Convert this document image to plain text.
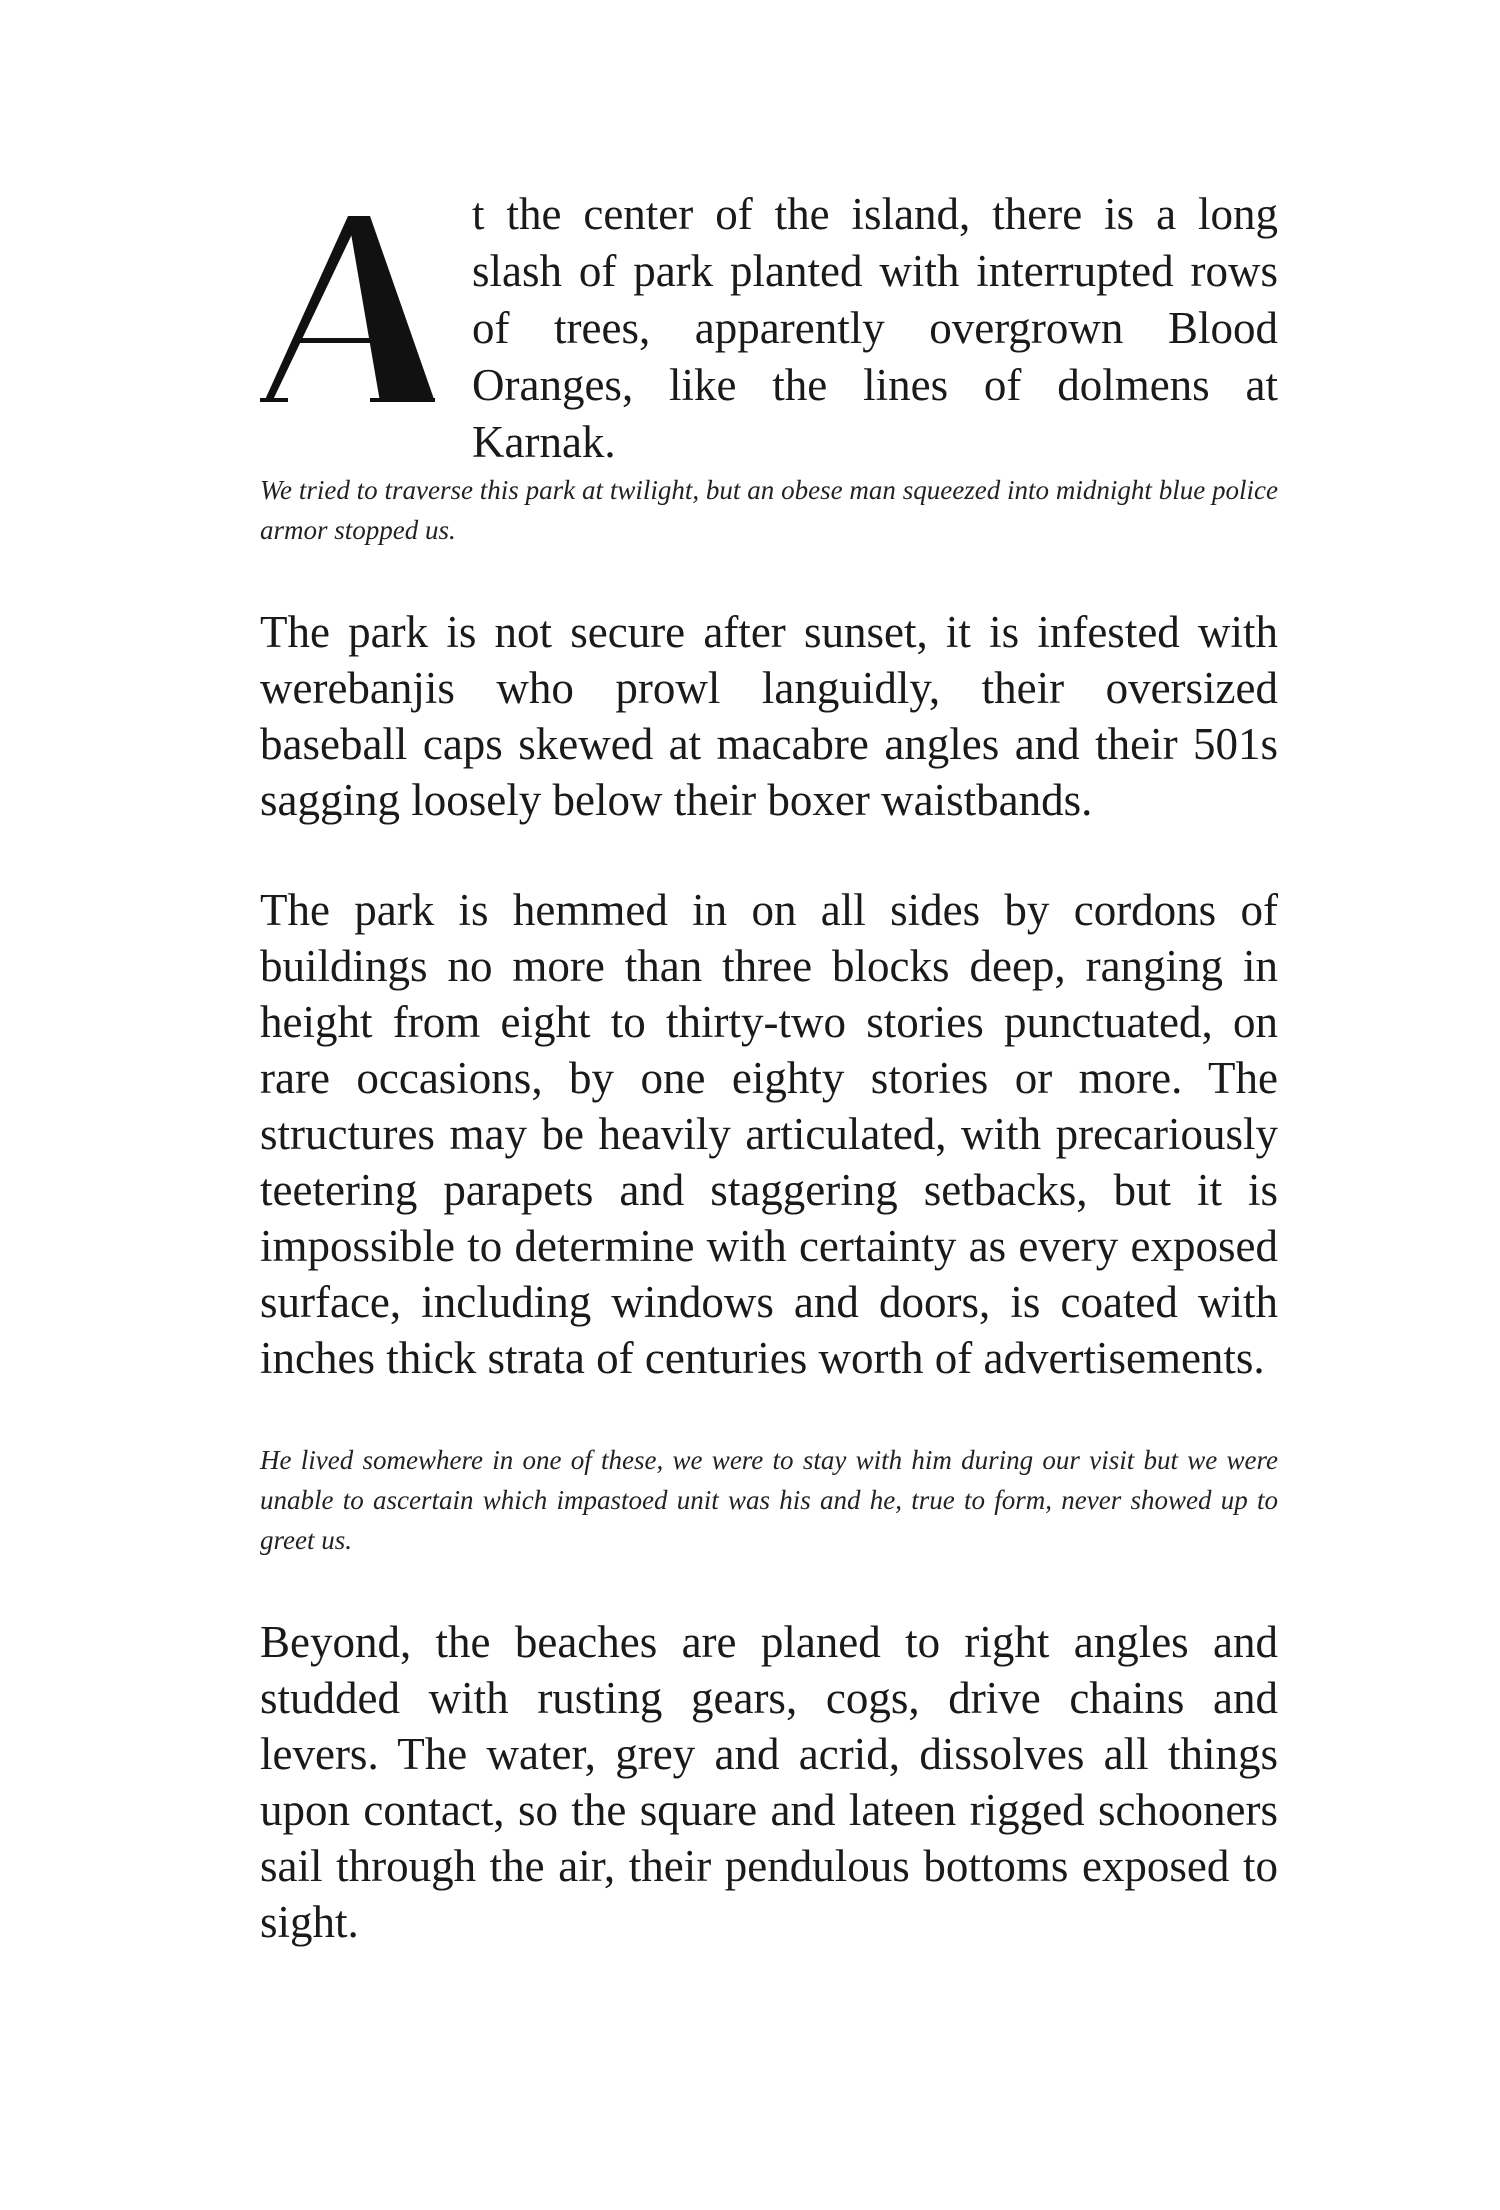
t the center of the island, there is a long slash of park planted with interrupted rows of trees, apparently overgrown Blood Oranges, like the lines of dolmens at Karnak.

We tried to traverse this park at twilight, but an obese man squeezed into midnight blue police armor stopped us.

The park is not secure after sunset, it is infested with werebanjis who prowl languidly, their oversized baseball caps skewed at macabre angles and their 501s sagging loosely below their boxer waistbands.

The park is hemmed in on all sides by cordons of buildings no more than three blocks deep, ranging in height from eight to thirty-two stories punctuated, on rare occasions, by one eighty stories or more. The structures may be heavily articulated, with precariously teetering parapets and staggering setbacks, but it is impossible to determine with certainty as every exposed surface, including windows and doors, is coated with inches thick strata of centuries worth of advertisements.

He lived somewhere in one of these, we were to stay with him during our visit but we were unable to ascertain which impastoed unit was his and he, true to form, never showed up to greet us.

Beyond, the beaches are planed to right angles and studded with rusting gears, cogs, drive chains and levers. The water, grey and acrid, dissolves all things upon contact, so the square and lateen rigged schooners sail through the air, their pendulous bottoms exposed to sight.
